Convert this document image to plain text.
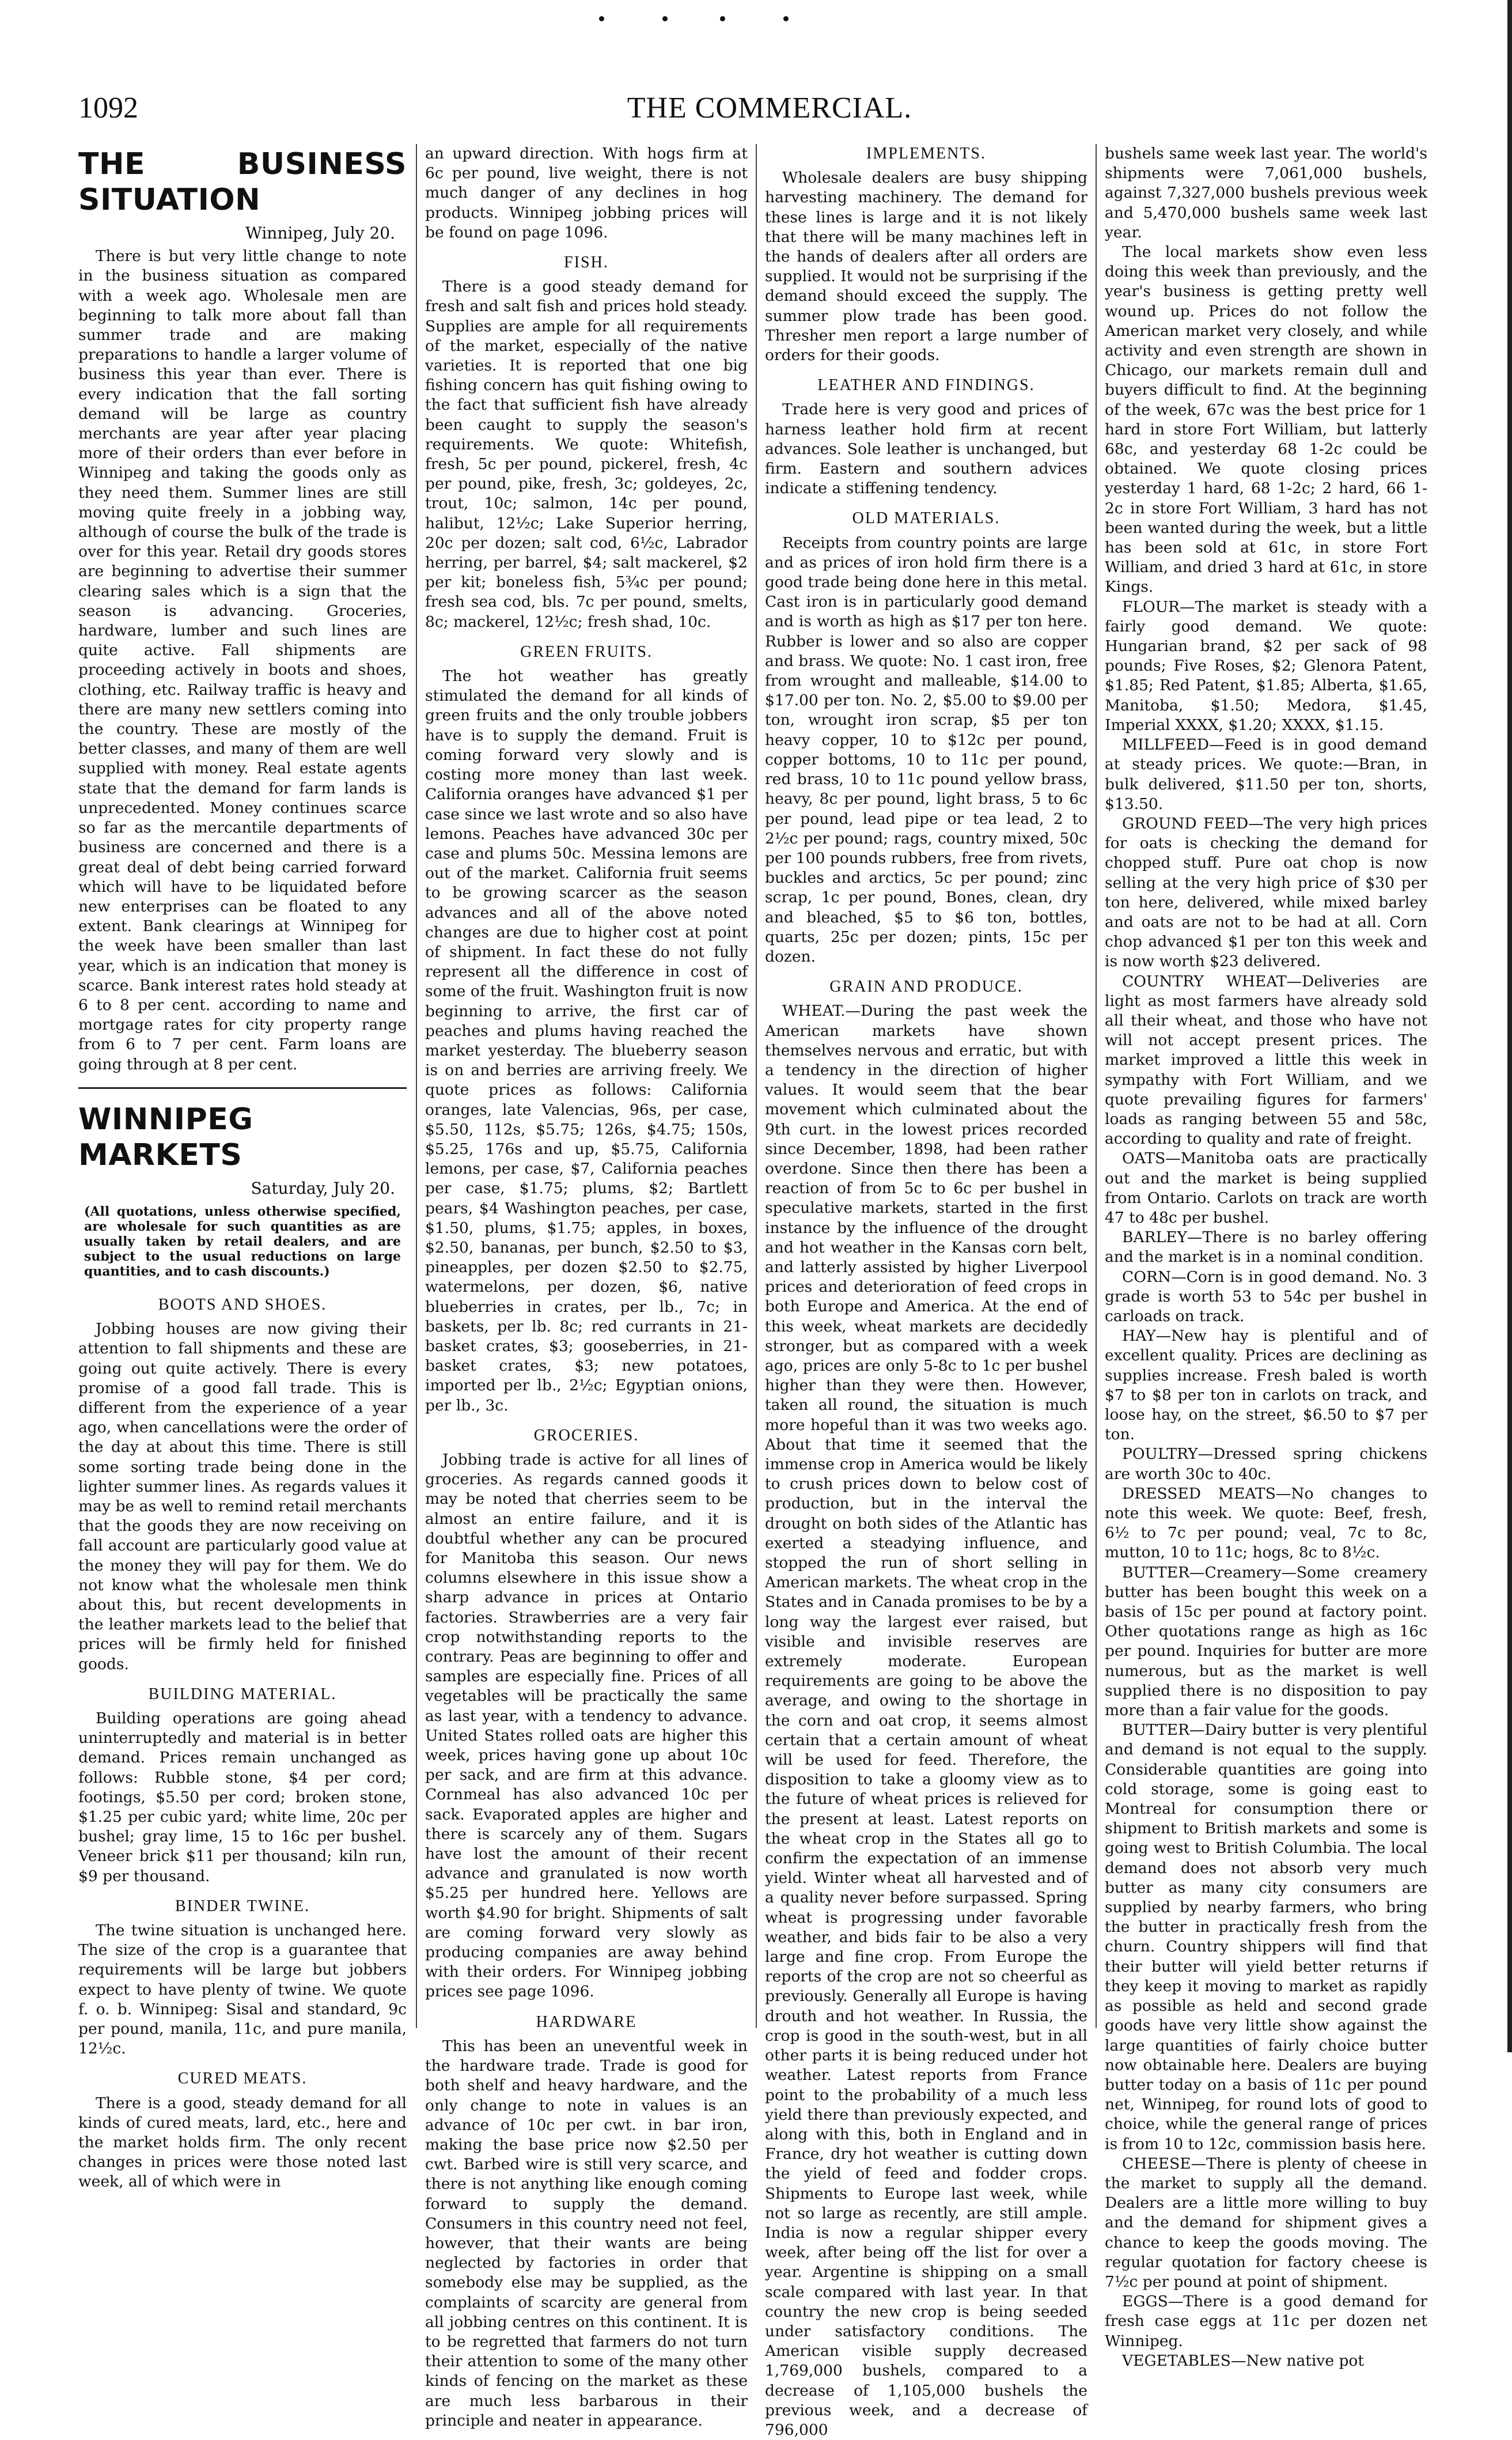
1092	THE COMMERCIAL.
THE BUSINESS SITUATION
Winnipeg, July 20.

There is but very little change to note in the business situation as compared with a week ago. Wholesale men are beginning to talk more about fall than summer trade and are making preparations to handle a larger volume of business this year than ever. There is every indication that the fall sorting demand will be large as country merchants are year after year placing more of their orders than ever before in Winnipeg and taking the goods only as they need them. Summer lines are still moving quite freely in a jobbing way, although of course the bulk of the trade is over for this year. Retail dry goods stores are beginning to advertise their summer clearing sales which is a sign that the season is advancing. Groceries, hardware, lumber and such lines are quite active. Fall shipments are proceeding actively in boots and shoes, clothing, etc. Railway traffic is heavy and there are many new settlers coming into the country. These are mostly of the better classes, and many of them are well supplied with money. Real estate agents state that the demand for farm lands is unprecedented. Money continues scarce so far as the mercantile departments of business are concerned and there is a great deal of debt being carried forward which will have to be liquidated before new enterprises can be floated to any extent. Bank clearings at Winnipeg for the week have been smaller than last year, which is an indication that money is scarce. Bank interest rates hold steady at 6 to 8 per cent. according to name and mortgage rates for city property range from 6 to 7 per cent. Farm loans are going through at 8 per cent.

WINNIPEG MARKETS
Saturday, July 20.
(All quotations, unless otherwise specified, are wholesale for such quantities as are usually taken by retail dealers, and are subject to the usual reductions on large quantities, and to cash discounts.)
BOOTS AND SHOES.

Jobbing houses are now giving their attention to fall shipments and these are going out quite actively. There is every promise of a good fall trade. This is different from the experience of a year ago, when cancellations were the order of the day at about this time. There is still some sorting trade being done in the lighter summer lines. As regards values it may be as well to remind retail merchants that the goods they are now receiving on fall account are particularly good value at the money they will pay for them. We do not know what the wholesale men think about this, but recent developments in the leather markets lead to the belief that prices will be firmly held for finished goods.

BUILDING MATERIAL.

Building operations are going ahead uninterruptedly and material is in better demand. Prices remain unchanged as follows: Rubble stone, $4 per cord; footings, $5.50 per cord; broken stone, $1.25 per cubic yard; white lime, 20c per bushel; gray lime, 15 to 16c per bushel. Veneer brick $11 per thousand; kiln run, $9 per thousand.

BINDER TWINE.

The twine situation is unchanged here. The size of the crop is a guarantee that requirements will be large but jobbers expect to have plenty of twine. We quote f. o. b. Winnipeg: Sisal and standard, 9c per pound, manila, 11c, and pure manila, 12½c.

CURED MEATS.

There is a good, steady demand for all kinds of cured meats, lard, etc., here and the market holds firm. The only recent changes in prices were those noted last week, all of which were in

an upward direction. With hogs firm at 6c per pound, live weight, there is not much danger of any declines in hog products. Winnipeg jobbing prices will be found on page 1096.

FISH.

There is a good steady demand for fresh and salt fish and prices hold steady. Supplies are ample for all requirements of the market, especially of the native varieties. It is reported that one big fishing concern has quit fishing owing to the fact that sufficient fish have already been caught to supply the season's requirements. We quote: Whitefish, fresh, 5c per pound, pickerel, fresh, 4c per pound, pike, fresh, 3c; goldeyes, 2c, trout, 10c; salmon, 14c per pound, halibut, 12½c; Lake Superior herring, 20c per dozen; salt cod, 6½c, Labrador herring, per barrel, $4; salt mackerel, $2 per kit; boneless fish, 5¾c per pound; fresh sea cod, bls. 7c per pound, smelts, 8c; mackerel, 12½c; fresh shad, 10c.

GREEN FRUITS.

The hot weather has greatly stimulated the demand for all kinds of green fruits and the only trouble jobbers have is to supply the demand. Fruit is coming forward very slowly and is costing more money than last week. California oranges have advanced $1 per case since we last wrote and so also have lemons. Peaches have advanced 30c per case and plums 50c. Messina lemons are out of the market. California fruit seems to be growing scarcer as the season advances and all of the above noted changes are due to higher cost at point of shipment. In fact these do not fully represent all the difference in cost of some of the fruit. Washington fruit is now beginning to arrive, the first car of peaches and plums having reached the market yesterday. The blueberry season is on and berries are arriving freely. We quote prices as follows: California oranges, late Valencias, 96s, per case, $5.50, 112s, $5.75; 126s, $4.75; 150s, $5.25, 176s and up, $5.75, California lemons, per case, $7, California peaches per case, $1.75; plums, $2; Bartlett pears, $4 Washington peaches, per case, $1.50, plums, $1.75; apples, in boxes, $2.50, bananas, per bunch, $2.50 to $3, pineapples, per dozen $2.50 to $2.75, watermelons, per dozen, $6, native blueberries in crates, per lb., 7c; in baskets, per lb. 8c; red currants in 21-basket crates, $3; gooseberries, in 21-basket crates, $3; new potatoes, imported per lb., 2½c; Egyptian onions, per lb., 3c.

GROCERIES.

Jobbing trade is active for all lines of groceries. As regards canned goods it may be noted that cherries seem to be almost an entire failure, and it is doubtful whether any can be procured for Manitoba this season. Our news columns elsewhere in this issue show a sharp advance in prices at Ontario factories. Strawberries are a very fair crop notwithstanding reports to the contrary. Peas are beginning to offer and samples are especially fine. Prices of all vegetables will be practically the same as last year, with a tendency to advance. United States rolled oats are higher this week, prices having gone up about 10c per sack, and are firm at this advance. Cornmeal has also advanced 10c per sack. Evaporated apples are higher and there is scarcely any of them. Sugars have lost the amount of their recent advance and granulated is now worth $5.25 per hundred here. Yellows are worth $4.90 for bright. Shipments of salt are coming forward very slowly as producing companies are away behind with their orders. For Winnipeg jobbing prices see page 1096.

HARDWARE

This has been an uneventful week in the hardware trade. Trade is good for both shelf and heavy hardware, and the only change to note in values is an advance of 10c per cwt. in bar iron, making the base price now $2.50 per cwt. Barbed wire is still very scarce, and there is not anything like enough coming forward to supply the demand. Consumers in this country need not feel, however, that their wants are being neglected by factories in order that somebody else may be supplied, as the complaints of scarcity are general from all jobbing centres on this continent. It is to be regretted that farmers do not turn their attention to some of the many other kinds of fencing on the market as these are much less barbarous in their principle and neater in appearance.

IMPLEMENTS.

Wholesale dealers are busy shipping harvesting machinery. The demand for these lines is large and it is not likely that there will be many machines left in the hands of dealers after all orders are supplied. It would not be surprising if the demand should exceed the supply. The summer plow trade has been good. Thresher men report a large number of orders for their goods.

LEATHER AND FINDINGS.

Trade here is very good and prices of harness leather hold firm at recent advances. Sole leather is unchanged, but firm. Eastern and southern advices indicate a stiffening tendency.

OLD MATERIALS.

Receipts from country points are large and as prices of iron hold firm there is a good trade being done here in this metal. Cast iron is in particularly good demand and is worth as high as $17 per ton here. Rubber is lower and so also are copper and brass. We quote: No. 1 cast iron, free from wrought and malleable, $14.00 to $17.00 per ton. No. 2, $5.00 to $9.00 per ton, wrought iron scrap, $5 per ton heavy copper, 10 to $12c per pound, copper bottoms, 10 to 11c per pound, red brass, 10 to 11c pound yellow brass, heavy, 8c per pound, light brass, 5 to 6c per pound, lead pipe or tea lead, 2 to 2½c per pound; rags, country mixed, 50c per 100 pounds rubbers, free from rivets, buckles and arctics, 5c per pound; zinc scrap, 1c per pound, Bones, clean, dry and bleached, $5 to $6 ton, bottles, quarts, 25c per dozen; pints, 15c per dozen.

GRAIN AND PRODUCE.

WHEAT.—During the past week the American markets have shown themselves nervous and erratic, but with a tendency in the direction of higher values. It would seem that the bear movement which culminated about the 9th curt. in the lowest prices recorded since December, 1898, had been rather overdone. Since then there has been a reaction of from 5c to 6c per bushel in speculative markets, started in the first instance by the influence of the drought and hot weather in the Kansas corn belt, and latterly assisted by higher Liverpool prices and deterioration of feed crops in both Europe and America. At the end of this week, wheat markets are decidedly stronger, but as compared with a week ago, prices are only 5-8c to 1c per bushel higher than they were then. However, taken all round, the situation is much more hopeful than it was two weeks ago. About that time it seemed that the immense crop in America would be likely to crush prices down to below cost of production, but in the interval the drought on both sides of the Atlantic has exerted a steadying influence, and stopped the run of short selling in American markets. The wheat crop in the States and in Canada promises to be by a long way the largest ever raised, but visible and invisible reserves are extremely moderate. European requirements are going to be above the average, and owing to the shortage in the corn and oat crop, it seems almost certain that a certain amount of wheat will be used for feed. Therefore, the disposition to take a gloomy view as to the future of wheat prices is relieved for the present at least. Latest reports on the wheat crop in the States all go to confirm the expectation of an immense yield. Winter wheat all harvested and of a quality never before surpassed. Spring wheat is progressing under favorable weather, and bids fair to be also a very large and fine crop. From Europe the reports of the crop are not so cheerful as previously. Generally all Europe is having drouth and hot weather. In Russia, the crop is good in the south-west, but in all other parts it is being reduced under hot weather. Latest reports from France point to the probability of a much less yield there than previously expected, and along with this, both in England and in France, dry hot weather is cutting down the yield of feed and fodder crops. Shipments to Europe last week, while not so large as recently, are still ample. India is now a regular shipper every week, after being off the list for over a year. Argentine is shipping on a small scale compared with last year. In that country the new crop is being seeded under satisfactory conditions. The American visible supply decreased 1,769,000 bushels, compared to a decrease of 1,105,000 bushels the previous week, and a decrease of 796,000

bushels same week last year. The world's shipments were 7,061,000 bushels, against 7,327,000 bushels previous week and 5,470,000 bushels same week last year.

The local markets show even less doing this week than previously, and the year's business is getting pretty well wound up. Prices do not follow the American market very closely, and while activity and even strength are shown in Chicago, our markets remain dull and buyers difficult to find. At the beginning of the week, 67c was the best price for 1 hard in store Fort William, but latterly 68c, and yesterday 68 1-2c could be obtained. We quote closing prices yesterday 1 hard, 68 1-2c; 2 hard, 66 1-2c in store Fort William, 3 hard has not been wanted during the week, but a little has been sold at 61c, in store Fort William, and dried 3 hard at 61c, in store Kings.

FLOUR—The market is steady with a fairly good demand. We quote: Hungarian brand, $2 per sack of 98 pounds; Five Roses, $2; Glenora Patent, $1.85; Red Patent, $1.85; Alberta, $1.65, Manitoba, $1.50; Medora, $1.45, Imperial XXXX, $1.20; XXXX, $1.15.

MILLFEED—Feed is in good demand at steady prices. We quote:—Bran, in bulk delivered, $11.50 per ton, shorts, $13.50.

GROUND FEED—The very high prices for oats is checking the demand for chopped stuff. Pure oat chop is now selling at the very high price of $30 per ton here, delivered, while mixed barley and oats are not to be had at all. Corn chop advanced $1 per ton this week and is now worth $23 delivered.

COUNTRY WHEAT—Deliveries are light as most farmers have already sold all their wheat, and those who have not will not accept present prices. The market improved a little this week in sympathy with Fort William, and we quote prevailing figures for farmers' loads as ranging between 55 and 58c, according to quality and rate of freight.

OATS—Manitoba oats are practically out and the market is being supplied from Ontario. Carlots on track are worth 47 to 48c per bushel.

BARLEY—There is no barley offering and the market is in a nominal condition.

CORN—Corn is in good demand. No. 3 grade is worth 53 to 54c per bushel in carloads on track.

HAY—New hay is plentiful and of excellent quality. Prices are declining as supplies increase. Fresh baled is worth $7 to $8 per ton in carlots on track, and loose hay, on the street, $6.50 to $7 per ton.

POULTRY—Dressed spring chickens are worth 30c to 40c.

DRESSED MEATS—No changes to note this week. We quote: Beef, fresh, 6½ to 7c per pound; veal, 7c to 8c, mutton, 10 to 11c; hogs, 8c to 8½c.

BUTTER—Creamery—Some creamery butter has been bought this week on a basis of 15c per pound at factory point. Other quotations range as high as 16c per pound. Inquiries for butter are more numerous, but as the market is well supplied there is no disposition to pay more than a fair value for the goods.

BUTTER—Dairy butter is very plentiful and demand is not equal to the supply. Considerable quantities are going into cold storage, some is going east to Montreal for consumption there or shipment to British markets and some is going west to British Columbia. The local demand does not absorb very much butter as many city consumers are supplied by nearby farmers, who bring the butter in practically fresh from the churn. Country shippers will find that their butter will yield better returns if they keep it moving to market as rapidly as possible as held and second grade goods have very little show against the large quantities of fairly choice butter now obtainable here. Dealers are buying butter today on a basis of 11c per pound net, Winnipeg, for round lots of good to choice, while the general range of prices is from 10 to 12c, commission basis here.

CHEESE—There is plenty of cheese in the market to supply all the demand. Dealers are a little more willing to buy and the demand for shipment gives a chance to keep the goods moving. The regular quotation for factory cheese is 7½c per pound at point of shipment.

EGGS—There is a good demand for fresh case eggs at 11c per dozen net Winnipeg.

VEGETABLES—New native pot
